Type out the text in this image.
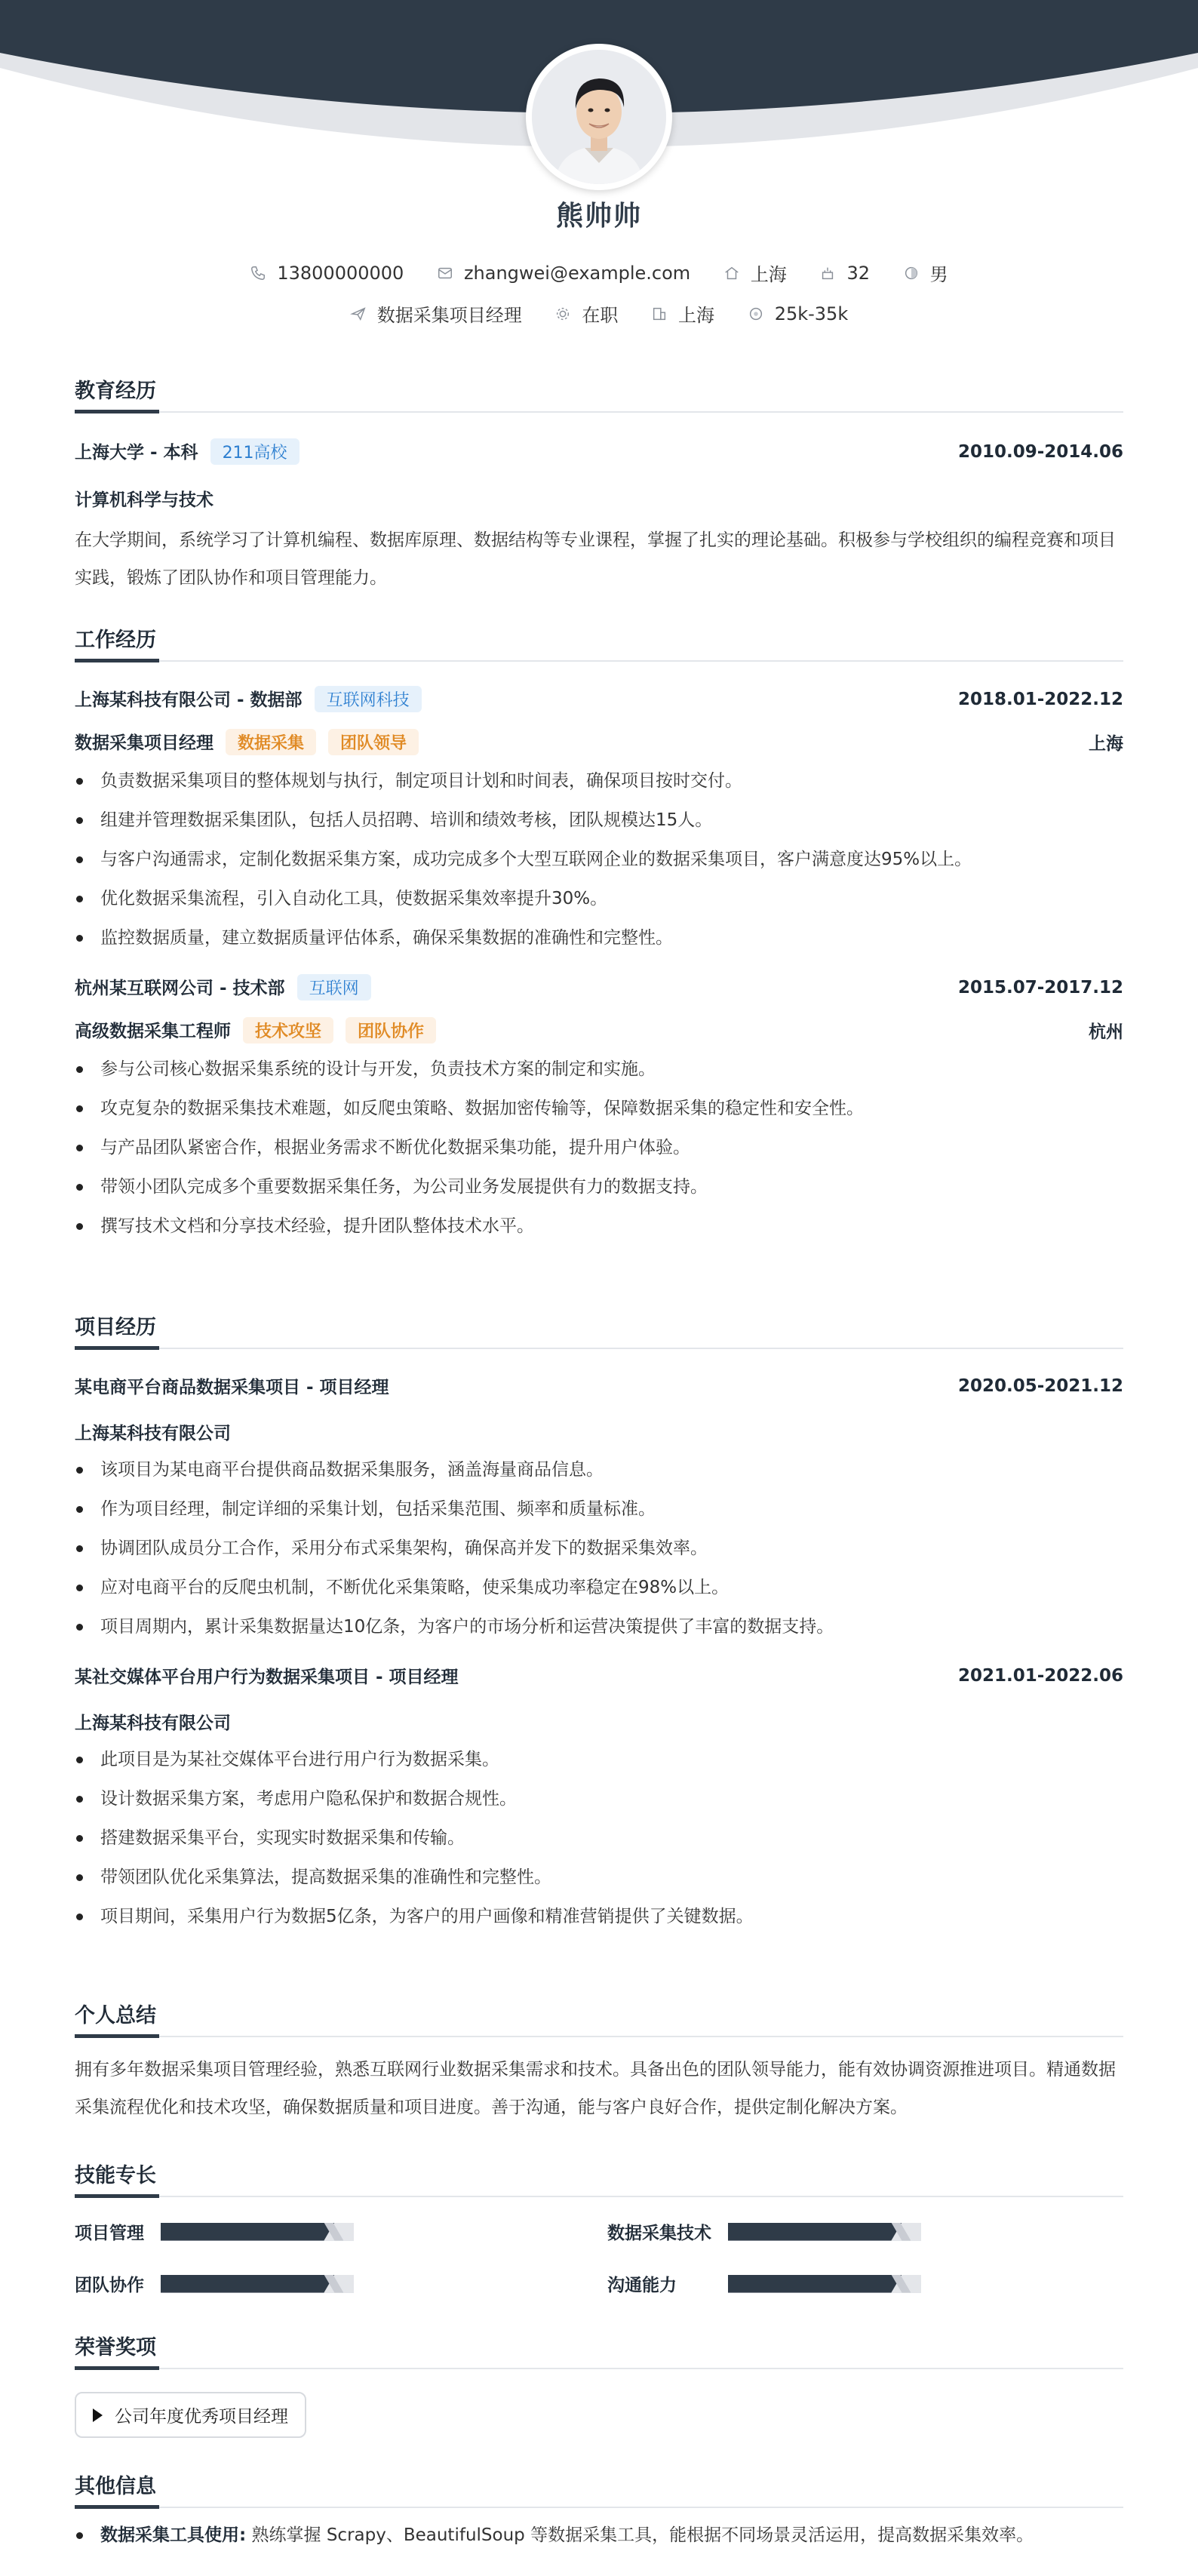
熊帅帅
13800000000
	zhangwei@example.com
	上海
	32
	男
数据采集项目经理
	在职
	上海
	25k-35k
教育经历
上海大学 - 本科 211高校	2010.09-2014.06
计算机科学与技术
在大学期间，系统学习了计算机编程、数据库原理、数据结构等专业课程，掌握了扎实的理论基础。积极参与学校组织的编程竞赛和项目实践，锻炼了团队协作和项目管理能力。
工作经历
上海某科技有限公司 - 数据部 互联网科技	2018.01-2022.12
数据采集项目经理 数据采集 团队领导	上海
负责数据采集项目的整体规划与执行，制定项目计划和时间表，确保项目按时交付。
组建并管理数据采集团队，包括人员招聘、培训和绩效考核，团队规模达15人。
与客户沟通需求，定制化数据采集方案，成功完成多个大型互联网企业的数据采集项目，客户满意度达95%以上。
优化数据采集流程，引入自动化工具，使数据采集效率提升30%。
监控数据质量，建立数据质量评估体系，确保采集数据的准确性和完整性。
杭州某互联网公司 - 技术部 互联网	2015.07-2017.12
高级数据采集工程师 技术攻坚 团队协作	杭州
参与公司核心数据采集系统的设计与开发，负责技术方案的制定和实施。
攻克复杂的数据采集技术难题，如反爬虫策略、数据加密传输等，保障数据采集的稳定性和安全性。
与产品团队紧密合作，根据业务需求不断优化数据采集功能，提升用户体验。
带领小团队完成多个重要数据采集任务，为公司业务发展提供有力的数据支持。
撰写技术文档和分享技术经验，提升团队整体技术水平。
项目经历
某电商平台商品数据采集项目 - 项目经理	2020.05-2021.12
上海某科技有限公司
该项目为某电商平台提供商品数据采集服务，涵盖海量商品信息。
作为项目经理，制定详细的采集计划，包括采集范围、频率和质量标准。
协调团队成员分工合作，采用分布式采集架构，确保高并发下的数据采集效率。
应对电商平台的反爬虫机制，不断优化采集策略，使采集成功率稳定在98%以上。
项目周期内，累计采集数据量达10亿条，为客户的市场分析和运营决策提供了丰富的数据支持。
某社交媒体平台用户行为数据采集项目 - 项目经理	2021.01-2022.06
上海某科技有限公司
此项目是为某社交媒体平台进行用户行为数据采集。
设计数据采集方案，考虑用户隐私保护和数据合规性。
搭建数据采集平台，实现实时数据采集和传输。
带领团队优化采集算法，提高数据采集的准确性和完整性。
项目期间，采集用户行为数据5亿条，为客户的用户画像和精准营销提供了关键数据。
个人总结
拥有多年数据采集项目管理经验，熟悉互联网行业数据采集需求和技术。具备出色的团队领导能力，能有效协调资源推进项目。精通数据采集流程优化和技术攻坚，确保数据质量和项目进度。善于沟通，能与客户良好合作，提供定制化解决方案。
技能专长
项目管理	数据采集技术
团队协作	沟通能力
荣誉奖项
公司年度优秀项目经理
其他信息
数据采集工具使用: 熟练掌握 Scrapy、BeautifulSoup 等数据采集工具，能根据不同场景灵活运用，提高数据采集效率。
